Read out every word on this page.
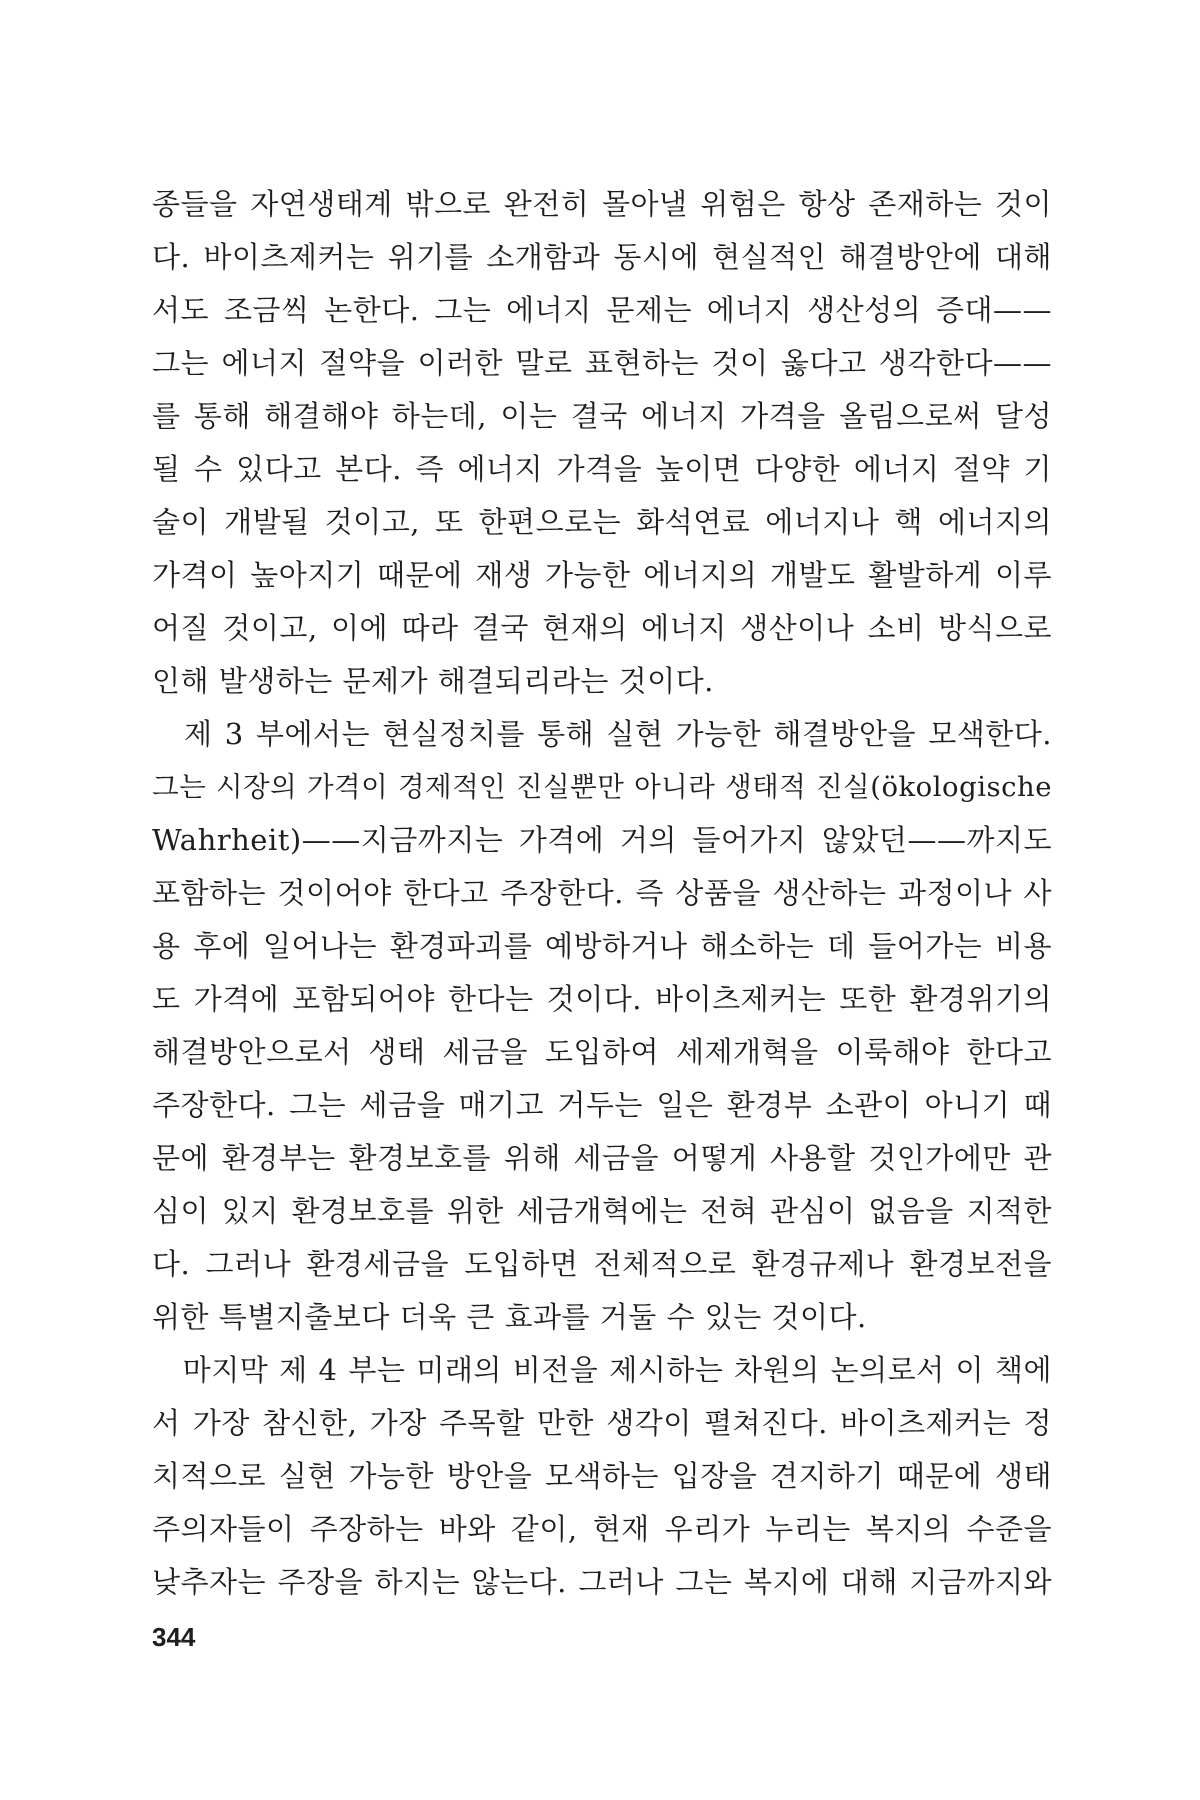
종들을 자연생태계 밖으로 완전히 몰아낼 위험은 항상 존재하는 것이
다. 바이츠제커는 위기를 소개함과 동시에 현실적인 해결방안에 대해
서도 조금씩 논한다. 그는 에너지 문제는 에너지 생산성의 증대——
그는 에너지 절약을 이러한 말로 표현하는 것이 옳다고 생각한다——
를 통해 해결해야 하는데, 이는 결국 에너지 가격을 올림으로써 달성
될 수 있다고 본다. 즉 에너지 가격을 높이면 다양한 에너지 절약 기
술이 개발될 것이고, 또 한편으로는 화석연료 에너지나 핵 에너지의
가격이 높아지기 때문에 재생 가능한 에너지의 개발도 활발하게 이루
어질 것이고, 이에 따라 결국 현재의 에너지 생산이나 소비 방식으로
인해 발생하는 문제가 해결되리라는 것이다.
　제 3 부에서는 현실정치를 통해 실현 가능한 해결방안을 모색한다.
그는 시장의 가격이 경제적인 진실뿐만 아니라 생태적 진실(ökologische
Wahrheit)——지금까지는 가격에 거의 들어가지 않았던——까지도
포함하는 것이어야 한다고 주장한다. 즉 상품을 생산하는 과정이나 사
용 후에 일어나는 환경파괴를 예방하거나 해소하는 데 들어가는 비용
도 가격에 포함되어야 한다는 것이다. 바이츠제커는 또한 환경위기의
해결방안으로서 생태 세금을 도입하여 세제개혁을 이룩해야 한다고
주장한다. 그는 세금을 매기고 거두는 일은 환경부 소관이 아니기 때
문에 환경부는 환경보호를 위해 세금을 어떻게 사용할 것인가에만 관
심이 있지 환경보호를 위한 세금개혁에는 전혀 관심이 없음을 지적한
다. 그러나 환경세금을 도입하면 전체적으로 환경규제나 환경보전을
위한 특별지출보다 더욱 큰 효과를 거둘 수 있는 것이다.
　마지막 제 4 부는 미래의 비전을 제시하는 차원의 논의로서 이 책에
서 가장 참신한, 가장 주목할 만한 생각이 펼쳐진다. 바이츠제커는 정
치적으로 실현 가능한 방안을 모색하는 입장을 견지하기 때문에 생태
주의자들이 주장하는 바와 같이, 현재 우리가 누리는 복지의 수준을
낮추자는 주장을 하지는 않는다. 그러나 그는 복지에 대해 지금까지와
344
